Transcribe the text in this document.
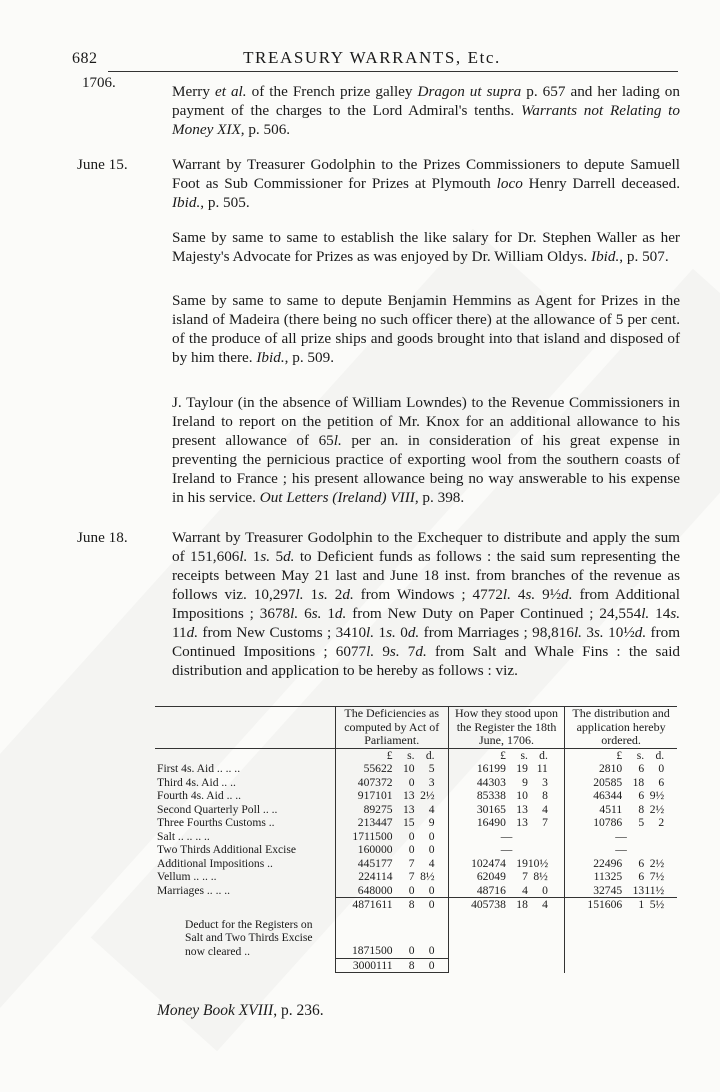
682	TREASURY WARRANTS, Etc.
1706.	Merry et al. of the French prize galley Dragon ut supra p. 657 and her lading on payment of the charges to the Lord Admiral's tenths. Warrants not Relating to Money XIX, p. 506.

June 15.	Warrant by Treasurer Godolphin to the Prizes Commissioners to depute Samuell Foot as Sub Commissioner for Prizes at Plymouth loco Henry Darrell deceased. Ibid., p. 505.

Same by same to same to establish the like salary for Dr. Stephen Waller as her Majesty's Advocate for Prizes as was enjoyed by Dr. William Oldys. Ibid., p. 507.

Same by same to same to depute Benjamin Hemmins as Agent for Prizes in the island of Madeira (there being no such officer there) at the allowance of 5 per cent. of the produce of all prize ships and goods brought into that island and disposed of by him there. Ibid., p. 509.

J. Taylour (in the absence of William Lowndes) to the Revenue Commissioners in Ireland to report on the petition of Mr. Knox for an additional allowance to his present allowance of 65l. per an. in consideration of his great expense in preventing the pernicious practice of exporting wool from the southern coasts of Ireland to France ; his present allowance being no way answerable to his expense in his service. Out Letters (Ireland) VIII, p. 398.

June 18.	Warrant by Treasurer Godolphin to the Exchequer to distribute and apply the sum of 151,606l. 1s. 5d. to Deficient funds as follows : the said sum representing the receipts between May 21 last and June 18 inst. from branches of the revenue as follows viz. 10,297l. 1s. 2d. from Windows ; 4772l. 4s. 9½d. from Additional Impositions ; 3678l. 6s. 1d. from New Duty on Paper Continued ; 24,554l. 14s. 11d. from New Customs ; 3410l. 1s. 0d. from Marriages ; 98,816l. 3s. 10½d. from Continued Impositions ; 6077l. 9s. 7d. from Salt and Whale Fins : the said distribution and application to be hereby as follows : viz.

	The Deficiencies as computed by Act of Parliament.	How they stood upon the Register the 18th June, 1706.	The distribution and application hereby ordered.
	£ s. d.	£ s. d.	£ s. d.
First 4s. Aid .. .. ..	55622 10 5	16199 19 11	2810 6 0
Third 4s. Aid .. ..	407372 0 3	44303 9 3	20585 18 6
Fourth 4s. Aid .. ..	917101 13 2½	85338 10 8	46344 6 9½
Second Quarterly Poll .. ..	89275 13 4	30165 13 4	4511 8 2½
Three Fourths Customs ..	213447 15 9	16490 13 7	10786 5 2
Salt .. .. .. ..	1711500 0 0	—	—

Two Thirds Additional Excise	160000 0 0	—	—

Additional Impositions ..	445177 7 4	102474 1910½	22496 6 2½
Vellum .. .. ..	224114 7 8½	62049 7 8½	11325 6 7½
Marriages .. .. ..	648000 0 0	48716 4 0	32745 1311½
	4871611 8 0	405738 18 4	151606 1 5½
Deduct for the Registers on Salt and Two Thirds Excise now cleared ..	1871500 0 0		
	3000111 8 0		
Money Book XVIII, p. 236.
